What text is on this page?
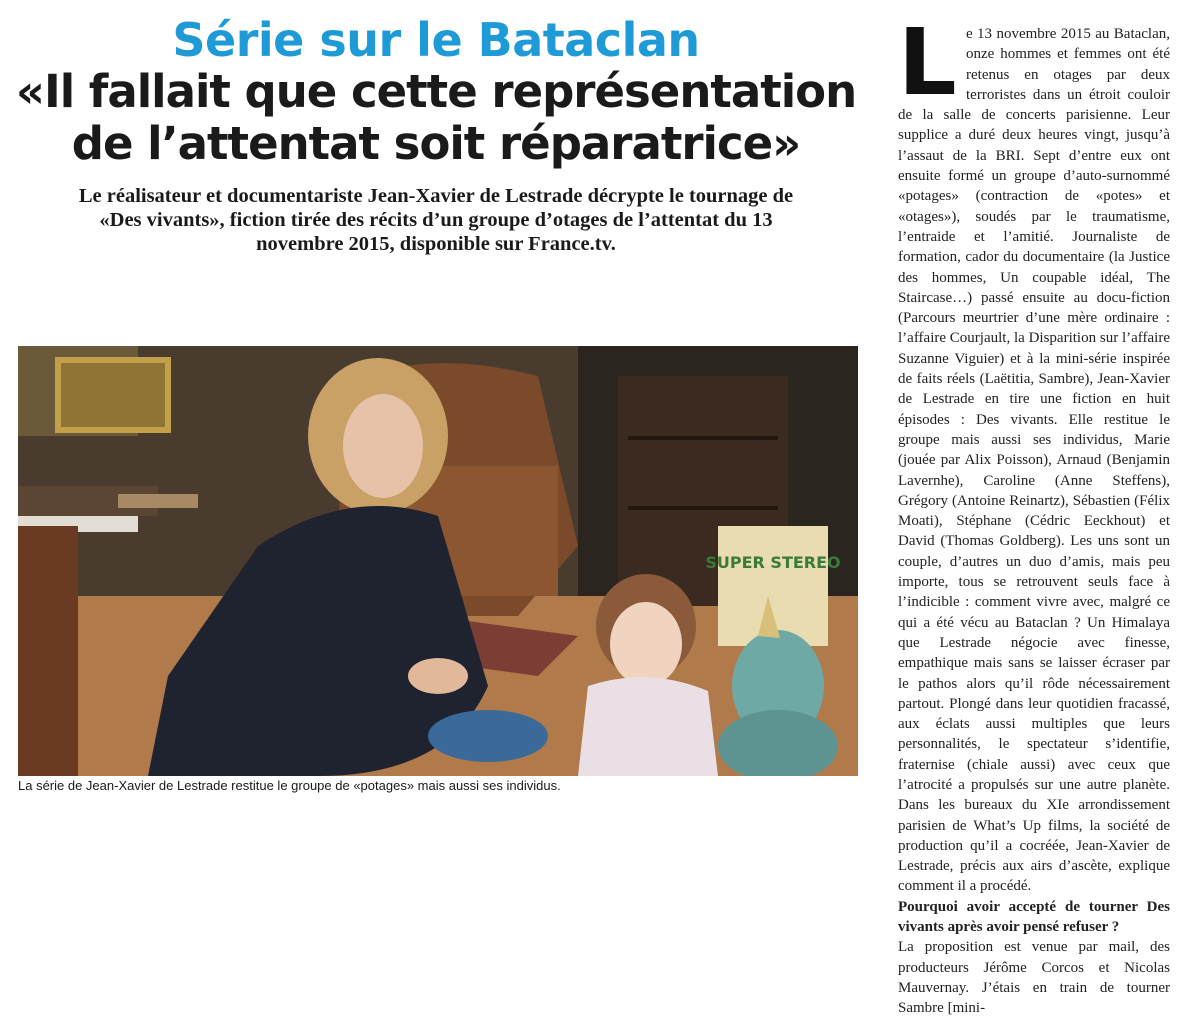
Série sur le Bataclan
«Il fallait que cette représentation de l’attentat soit réparatrice»

Le réalisateur et documentariste Jean-Xavier de Lestrade décrypte le tournage de «Des vivants», fiction tirée des récits d’un groupe d’otages de l’attentat du 13 novembre 2015, disponible sur France.tv.

SUPER STEREO

La série de Jean-Xavier de Lestrade restitue le groupe de «potages» mais aussi ses individus.

Le 13 novembre 2015 au Bataclan, onze hommes et femmes ont été retenus en otages par deux terroristes dans un étroit couloir de la salle de concerts parisienne. Leur supplice a duré deux heures vingt, jusqu’à l’assaut de la BRI. Sept d’entre eux ont ensuite formé un groupe d’auto-surnommé «potages» (contraction de «potes» et «otages»), soudés par le traumatisme, l’entraide et l’amitié. Journaliste de formation, cador du documentaire (la Justice des hommes, Un coupable idéal, The Staircase…) passé ensuite au docu-fiction (Parcours meurtrier d’une mère ordinaire : l’affaire Courjault, la Disparition sur l’affaire Suzanne Viguier) et à la mini-série inspirée de faits réels (Laëtitia, Sambre), Jean-Xavier de Lestrade en tire une fiction en huit épisodes : Des vivants. Elle restitue le groupe mais aussi ses individus, Marie (jouée par Alix Poisson), Arnaud (Benjamin Lavernhe), Caroline (Anne Steffens), Grégory (Antoine Reinartz), Sébastien (Félix Moati), Stéphane (Cédric Eeckhout) et David (Thomas Goldberg). Les uns sont un couple, d’autres un duo d’amis, mais peu importe, tous se retrouvent seuls face à l’indicible : comment vivre avec, malgré ce qui a été vécu au Bataclan ? Un Himalaya que Lestrade négocie avec finesse, empathique mais sans se laisser écraser par le pathos alors qu’il rôde nécessairement partout. Plongé dans leur quotidien fracassé, aux éclats aussi multiples que leurs personnalités, le spectateur s’identifie, fraternise (chiale aussi) avec ceux que l’atrocité a propulsés sur une autre planète. Dans les bureaux du XIe arrondissement parisien de What’s Up films, la société de production qu’il a cocréée, Jean-Xavier de Lestrade, précis aux airs d’ascète, explique comment il a procédé.

Pourquoi avoir accepté de tourner Des vivants après avoir pensé refuser ?

La proposition est venue par mail, des producteurs Jérôme Corcos et Nicolas Mauvernay. J’étais en train de tourner Sambre [mini-
